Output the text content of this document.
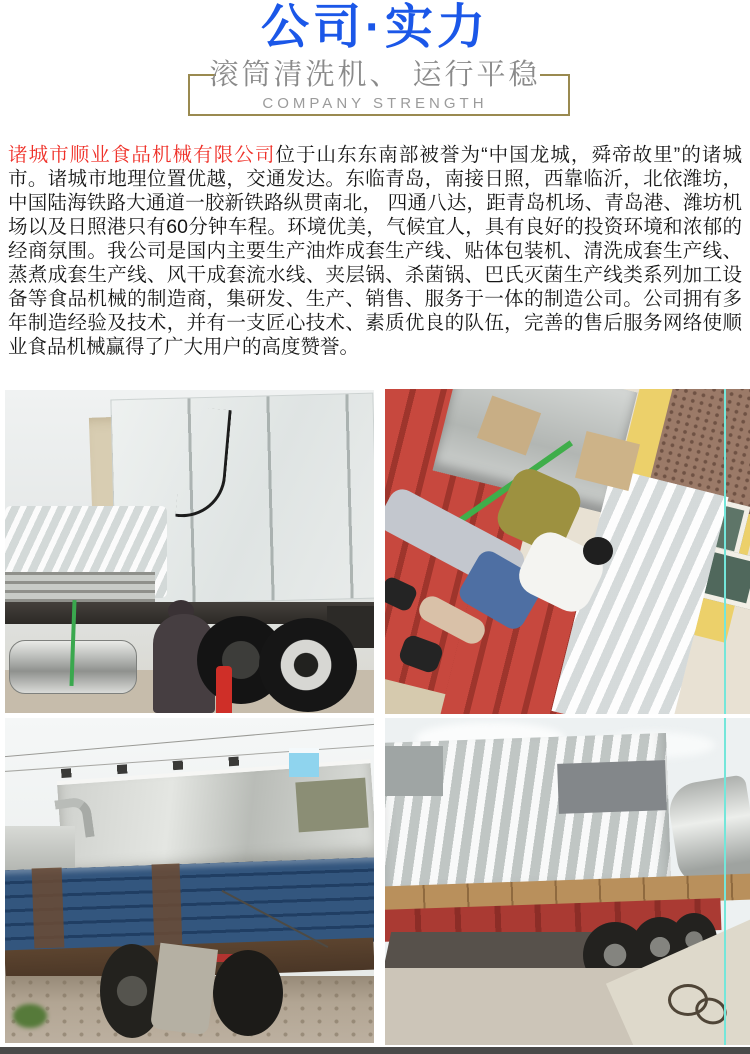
公司·实力
滚筒清洗机、 运行平稳
COMPANY STRENGTH

诸城市顺业食品机械有限公司位于山东东南部被誉为“中国龙城，舜帝故里”的诸城市。诸城市地理位置优越，交通发达。东临青岛，南接日照，西靠临沂，北依潍坊，中国陆海铁路大通道一胶新铁路纵贯南北， 四通八达，距青岛机场、青岛港、潍坊机场以及日照港只有60分钟车程。环境优美，气候宜人，具有良好的投资环境和浓郁的经商氛围。我公司是国内主要生产油炸成套生产线、贴体包装机、清洗成套生产线、蒸煮成套生产线、风干成套流水线、夹层锅、杀菌锅、巴氏灭菌生产线类系列加工设备等食品机械的制造商，集研发、生产、销售、服务于一体的制造公司。公司拥有多年制造经验及技术，并有一支匠心技术、素质优良的队伍，完善的售后服务网络使顺业食品机械赢得了广大用户的高度赞誉。
